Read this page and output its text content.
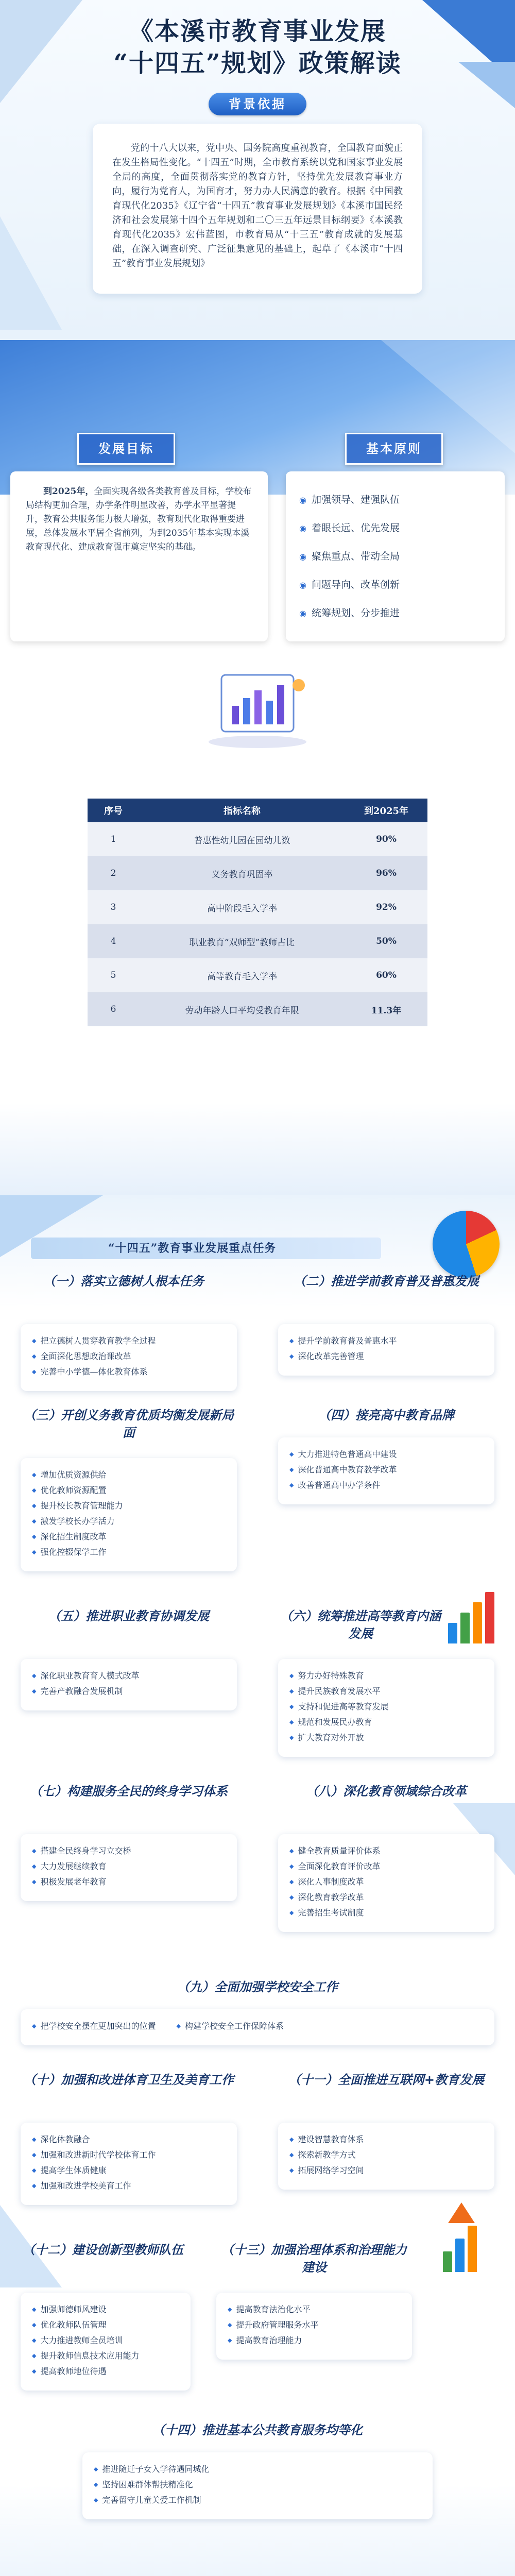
《本溪市教育事业发展
“十四五”规划》政策解读
背景依据

党的十八大以来，党中央、国务院高度重视教育，全国教育面貌正在发生格局性变化。“十四五”时期，全市教育系统以党和国家事业发展全局的高度，全面贯彻落实党的教育方针，坚持优先发展教育事业方向，履行为党育人，为国育才，努力办人民满意的教育。根据《中国教育现代化2035》《辽宁省“十四五”教育事业发展规划》《本溪市国民经济和社会发展第十四个五年规划和二〇三五年远景目标纲要》《本溪教育现代化2035》宏伟蓝图，市教育局从“十三五”教育成就的发展基础，在深入调查研究、广泛征集意见的基础上，起草了《本溪市“十四五”教育事业发展规划》

发展目标	基本原则

到2025年，全面实现各级各类教育普及目标，学校布局结构更加合理，办学条件明显改善，办学水平显著提升，教育公共服务能力极大增强，教育现代化取得重要进展，总体发展水平居全省前列，为到2035年基本实现本溪教育现代化、建成教育强市奠定坚实的基础。

◉ 加强领导、建强队伍
◉ 着眼长远、优先发展
◉ 聚焦重点、带动全局
◉ 问题导向、改革创新
◉ 统筹规划、分步推进
序号	指标名称	到2025年
1	普惠性幼儿园在园幼儿数	90%
2	义务教育巩固率	96%
3	高中阶段毛入学率	92%
4	职业教育“双师型”教师占比	50%
5	高等教育毛入学率	60%
6	劳动年龄人口平均受教育年限	11.3年
“十四五”教育事业发展重点任务
（一）落实立德树人根本任务	（二）推进学前教育普及普惠发展
◆ 把立德树人贯穿教育教学全过程
◆ 全面深化思想政治课改革
◆ 完善中小学德—体化教育体系
◆ 提升学前教育普及普惠水平
◆ 深化改革完善管理
（三）开创义务教育优质均衡发展新局面
（四）接亮高中教育品牌
◆ 增加优质资源供给
◆ 优化教师资源配置
◆ 提升校长教育管理能力
◆ 激发学校长办学活力
◆ 深化招生制度改革
◆ 强化控辍保学工作
◆ 大力推进特色普通高中建设
◆ 深化普通高中教育教学改革
◆ 改善普通高中办学条件
（五）推进职业教育协调发展	（六）统筹推进高等教育内涵发展
◆ 深化职业教育育人模式改革
◆ 完善产教融合发展机制
◆ 努力办好特殊教育
◆ 提升民族教育发展水平
◆ 支持和促进高等教育发展
◆ 规范和发展民办教育
◆ 扩大教育对外开放
（七）构建服务全民的终身学习体系	（八）深化教育领域综合改革
◆ 搭建全民终身学习立交桥
◆ 大力发展继续教育
◆ 积极发展老年教育
◆ 健全教育质量评价体系
◆ 全面深化教育评价改革
◆ 深化人事制度改革
◆ 深化教育教学改革
◆ 完善招生考试制度
（九）全面加强学校安全工作
◆ 把学校安全摆在更加突出的位置	◆ 构建学校安全工作保障体系
（十）加强和改进体育卫生及美育工作	（十一）全面推进互联网+教育发展
◆ 深化体教融合
◆ 加强和改进新时代学校体育工作
◆ 提高学生体质健康
◆ 加强和改进学校美育工作
◆ 建设智慧教育体系
◆ 探索新教学方式
◆ 拓展网络学习空间
（十二）建设创新型教师队伍	（十三）加强治理体系和治理能力建设
◆ 加强师德师风建设
◆ 优化教师队伍管理
◆ 大力推进教师全员培训
◆ 提升教师信息技术应用能力
◆ 提高教师地位待遇
◆ 提高教育法治化水平
◆ 提升政府管理服务水平
◆ 提高教育治理能力
（十四）推进基本公共教育服务均等化
◆ 推进随迁子女入学待遇同城化
◆ 坚持困难群体帮扶精准化
◆ 完善留守儿童关爱工作机制
